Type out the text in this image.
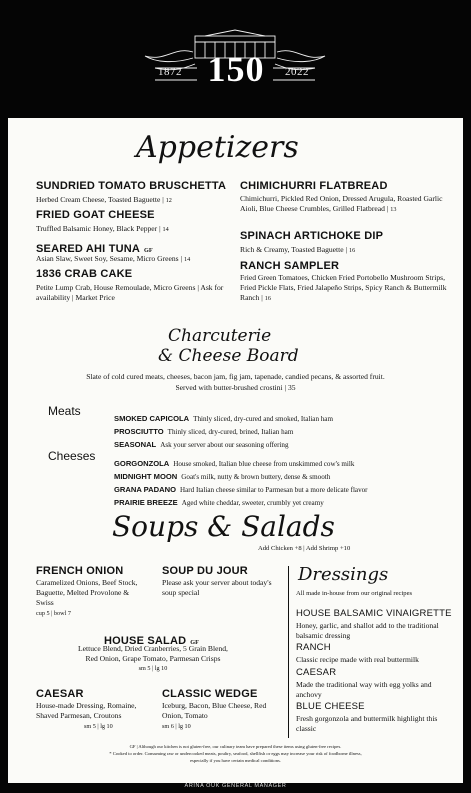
1872 150	2022
Appetizers
SUNDRIED TOMATO BRUSCHETTA
Herbed Cream Cheese, Toasted Baguette | 12
FRIED GOAT CHEESE
Truffled Balsamic Honey, Black Pepper | 14
SEARED AHI TUNA GF
Asian Slaw, Sweet Soy, Sesame, Micro Greens | 14
1836 CRAB CAKE
Petite Lump Crab, House Remoulade, Micro Greens | Ask for availability | Market Price
CHIMICHURRI FLATBREAD
Chimichurri, Pickled Red Onion, Dressed Arugula, Roasted Garlic Aioli, Blue Cheese Crumbles, Grilled Flatbread | 13
SPINACH ARTICHOKE DIP
Rich & Creamy, Toasted Baguette | 16
RANCH SAMPLER
Fried Green Tomatoes, Chicken Fried Portobello Mushroom Strips, Fried Pickle Flats, Fried Jalapeño Strips, Spicy Ranch & Buttermilk Ranch | 16
Charcuterie
& Cheese Board
Slate of cold cured meats, cheeses, bacon jam, fig jam, tapenade, candied pecans, & assorted fruit.
Served with butter-brushed crostini | 35
Meats
SMOKED CAPICOLA Thinly sliced, dry-cured and smoked, Italian ham
PROSCIUTTO Thinly sliced, dry-cured, brined, Italian ham
SEASONAL Ask your server about our seasoning offering
Cheeses
GORGONZOLA House smoked, Italian blue cheese from unskimmed cow's milk
MIDNIGHT MOON Goat's milk, nutty & brown buttery, dense & smooth
GRANA PADANO Hard Italian cheese similar to Parmesan but a more delicate flavor
PRAIRIE BREEZE Aged white cheddar, sweeter, crumbly yet creamy
Soups & Salads
Add Chicken +8 | Add Shrimp +10
FRENCH ONION
Caramelized Onions, Beef Stock, Baguette, Melted Provolone & Swiss
cup 5 | bowl 7
SOUP DU JOUR
Please ask your server about today's soup special
HOUSE SALAD GF
Lettuce Blend, Dried Cranberries, 5 Grain Blend,
Red Onion, Grape Tomato, Parmesan Crisps
sm 5 | lg 10
CAESAR
House-made Dressing, Romaine, Shaved Parmesan, Croutons
sm 5 | lg 10
CLASSIC WEDGE
Iceburg, Bacon, Blue Cheese, Red Onion, Tomato
sm 6 | lg 10
Dressings
All made in-house from our original recipes
HOUSE BALSAMIC VINAIGRETTE
Honey, garlic, and shallot add to the traditional balsamic dressing
RANCH
Classic recipe made with real buttermilk
CAESAR
Made the traditional way with egg yolks and anchovy
BLUE CHEESE
Fresh gorgonzola and buttermilk highlight this classic
GF | Although our kitchen is not gluten-free, our culinary team have prepared these items using gluten-free recipes.
* Cooked to order. Consuming raw or undercooked meats, poultry, seafood, shellfish or eggs may increase your risk of foodborne illness,
especially if you have certain medical conditions.
ARINA OUK GENERAL MANAGER
